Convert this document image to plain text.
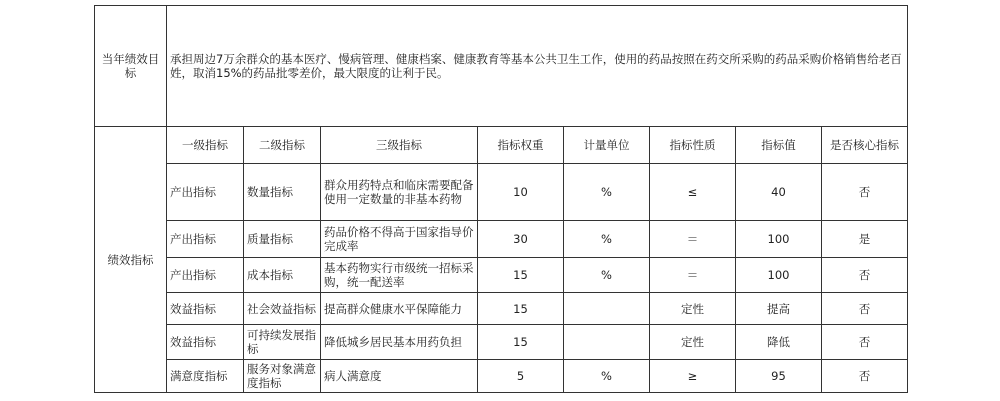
当年绩效目标	承担周边7万余群众的基本医疗、慢病管理、健康档案、健康教育等基本公共卫生工作，使用的药品按照在药交所采购的药品采购价格销售给老百姓，取消15%的药品批零差价，最大限度的让利于民。							
绩效指标	一级指标	二级指标	三级指标	指标权重	计量单位	指标性质	指标值	是否核心指标
	产出指标	数量指标	群众用药特点和临床需要配备使用一定数量的非基本药物	10	%	≤	40	否
	产出指标	质量指标	药品价格不得高于国家指导价完成率	30	%	＝	100	是
	产出指标	成本指标	基本药物实行市级统一招标采购，统一配送率	15	%	＝	100	否
	效益指标	社会效益指标	提高群众健康水平保障能力	15		定性	提高	否
	效益指标	可持续发展指标	降低城乡居民基本用药负担	15		定性	降低	否
	满意度指标	服务对象满意度指标	病人满意度	5	%	≥	95	否
